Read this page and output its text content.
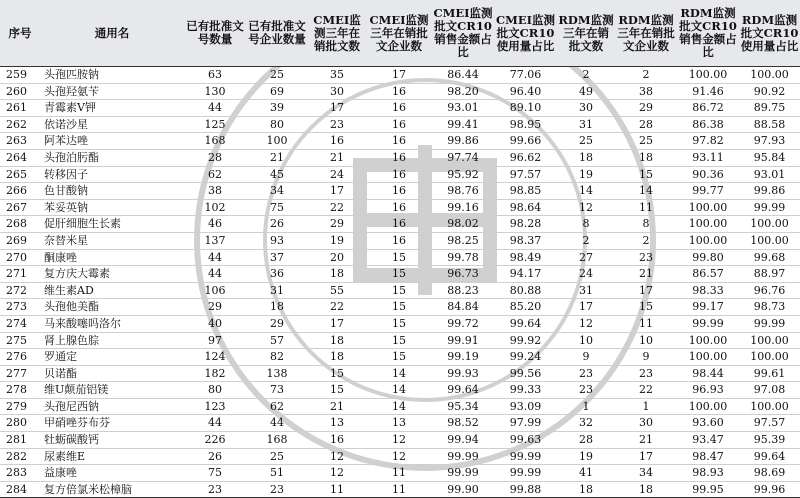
序号	通用名	已有批准文号数量	已有批准文号企业数量	CMEI监测三年在销批文数	CMEI监测三年在销批文企业数	CMEI监测批文CR10销售金额占比	CMEI监测批文CR10使用量占比	RDM监测三年在销批文数	RDM监测三年在销批文企业数	RDM监测批文CR10销售金额占比	RDM监测批文CR10使用量占比
259	头孢匹胺钠	63	25	35	17	86.44	77.06	2	2	100.00	100.00
260	头孢羟氨苄	130	69	30	16	98.20	96.40	49	38	91.46	90.92
261	青霉素V钾	44	39	17	16	93.01	89.10	30	29	86.72	89.75
262	依诺沙星	125	80	23	16	99.41	98.95	31	28	86.38	88.58
263	阿苯达唑	168	100	16	16	99.86	99.66	25	25	97.82	97.93
264	头孢泊肟酯	28	21	21	16	97.74	96.62	18	18	93.11	95.84
265	转移因子	62	45	24	16	95.92	97.57	19	15	90.36	93.01
266	色甘酸钠	38	34	17	16	98.76	98.85	14	14	99.77	99.86
267	苯妥英钠	102	75	22	16	99.16	98.64	12	11	100.00	99.99
268	促肝细胞生长素	46	26	29	16	98.02	98.28	8	8	100.00	100.00
269	奈替米星	137	93	19	16	98.25	98.37	2	2	100.00	100.00
270	酮康唑	44	37	20	15	99.78	98.49	27	23	99.80	99.68
271	复方庆大霉素	44	36	18	15	96.73	94.17	24	21	86.57	88.97
272	维生素AD	106	31	55	15	88.23	80.88	31	17	98.33	96.76
273	头孢他美酯	29	18	22	15	84.84	85.20	17	15	99.17	98.73
274	马来酸噻吗洛尔	40	29	17	15	99.72	99.64	12	11	99.99	99.99
275	肾上腺色腙	97	57	18	15	99.91	99.92	10	10	100.00	100.00
276	罗通定	124	82	18	15	99.19	99.24	9	9	100.00	100.00
277	贝诺酯	182	138	15	14	99.93	99.56	23	23	98.44	99.61
278	维U颠茄铝镁	80	73	15	14	99.64	99.33	23	22	96.93	97.08
279	头孢尼西钠	123	62	21	14	95.34	93.09	1	1	100.00	100.00
280	甲硝唑芬布芬	44	44	13	13	98.52	97.99	32	30	93.60	97.57
281	牡蛎碳酸钙	226	168	16	12	99.94	99.63	28	21	93.47	95.39
282	尿素维E	26	25	12	12	99.99	99.99	19	17	98.47	99.64
283	益康唑	75	51	12	11	99.99	99.99	41	34	98.93	98.69
284	复方倍氯米松樟脑	23	23	11	11	99.90	99.88	18	18	99.95	99.96
